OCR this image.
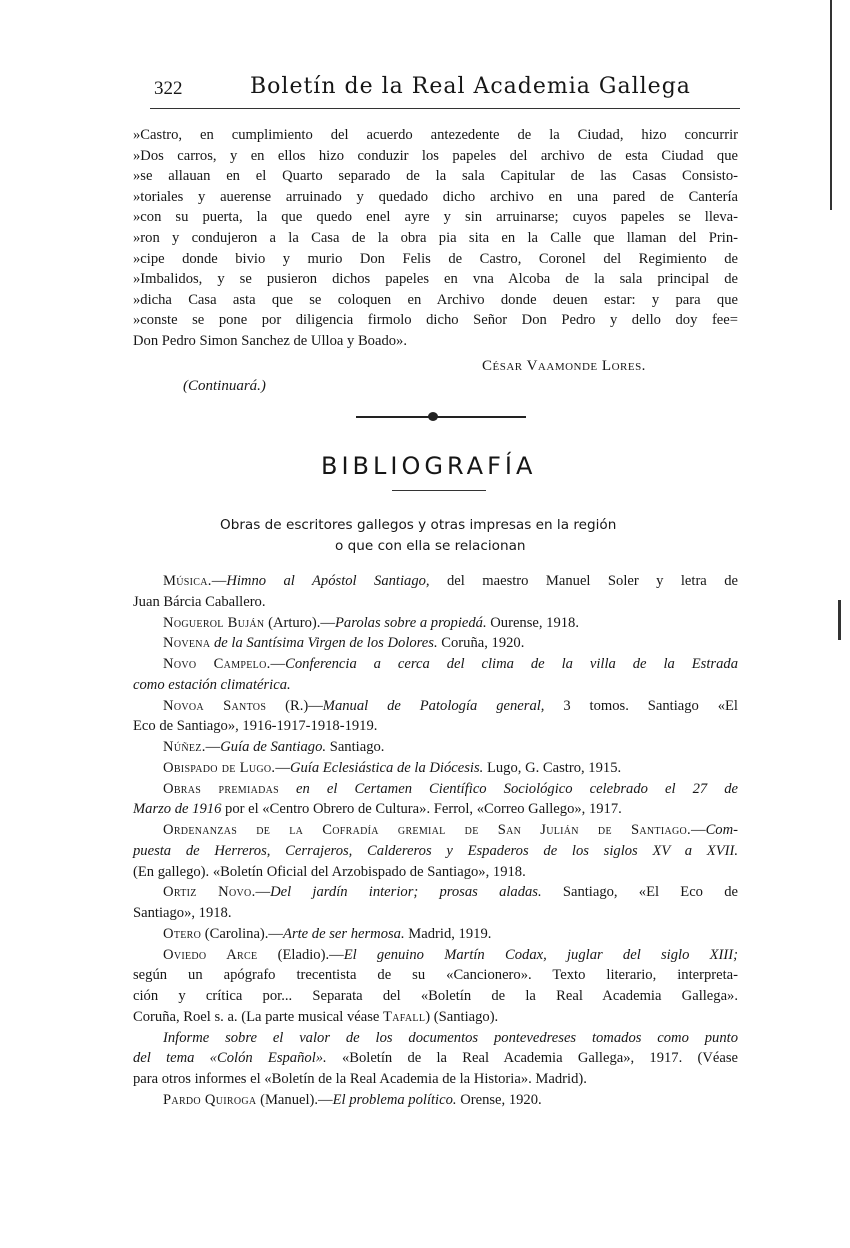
322	Boletín de la Real Academia Gallega
»Castro, en cumplimiento del acuerdo antezedente de la Ciudad, hizo concurrir
»Dos carros, y en ellos hizo conduzir los papeles del archivo de esta Ciudad que
»se allauan en el Quarto separado de la sala Capitular de las Casas Consisto-
»toriales y auerense arruinado y quedado dicho archivo en una pared de Cantería
»con su puerta, la que quedo enel ayre y sin arruinarse; cuyos papeles se lleva-
»ron y condujeron a la Casa de la obra pia sita en la Calle que llaman del Prin-
»cipe donde bivio y murio Don Felis de Castro, Coronel del Regimiento de
»Imbalidos, y se pusieron dichos papeles en vna Alcoba de la sala principal de
»dicha Casa asta que se coloquen en Archivo donde deuen estar: y para que
»conste se pone por diligencia firmolo dicho Señor Don Pedro y dello doy fee=
Don Pedro Simon Sanchez de Ulloa y Boado».
César Vaamonde Lores.
(Continuará.)
BIBLIOGRAFÍA
Obras de escritores gallegos y otras impresas en la región
o que con ella se relacionan
Música.—Himno al Apóstol Santiago, del maestro Manuel Soler y letra de
Juan Bárcia Caballero.
Noguerol Buján (Arturo).—Parolas sobre a propiedá. Ourense, 1918.
Novena de la Santísima Virgen de los Dolores. Coruña, 1920.
Novo Campelo.—Conferencia a cerca del clima de la villa de la Estrada
como estación climatérica.
Novoa Santos (R.)—Manual de Patología general, 3 tomos. Santiago «El
Eco de Santiago», 1916-1917-1918-1919.
Núñez.—Guía de Santiago. Santiago.
Obispado de Lugo.—Guía Eclesiástica de la Diócesis. Lugo, G. Castro, 1915.
Obras premiadas en el Certamen Científico Sociológico celebrado el 27 de
Marzo de 1916 por el «Centro Obrero de Cultura». Ferrol, «Correo Gallego», 1917.
Ordenanzas de la Cofradía gremial de San Julián de Santiago.—Com-
puesta de Herreros, Cerrajeros, Caldereros y Espaderos de los siglos XV a XVII.
(En gallego). «Boletín Oficial del Arzobispado de Santiago», 1918.
Ortiz Novo.—Del jardín interior; prosas aladas. Santiago, «El Eco de
Santiago», 1918.
Otero (Carolina).—Arte de ser hermosa. Madrid, 1919.
Oviedo Arce (Eladio).—El genuino Martín Codax, juglar del siglo XIII;
según un apógrafo trecentista de su «Cancionero». Texto literario, interpreta-
ción y crítica por... Separata del «Boletín de la Real Academia Gallega».
Coruña, Roel s. a. (La parte musical véase Tafall) (Santiago).
Informe sobre el valor de los documentos pontevedreses tomados como punto
del tema «Colón Español». «Boletín de la Real Academia Gallega», 1917. (Véase
para otros informes el «Boletín de la Real Academia de la Historia». Madrid).
Pardo Quiroga (Manuel).—El problema político. Orense, 1920.
